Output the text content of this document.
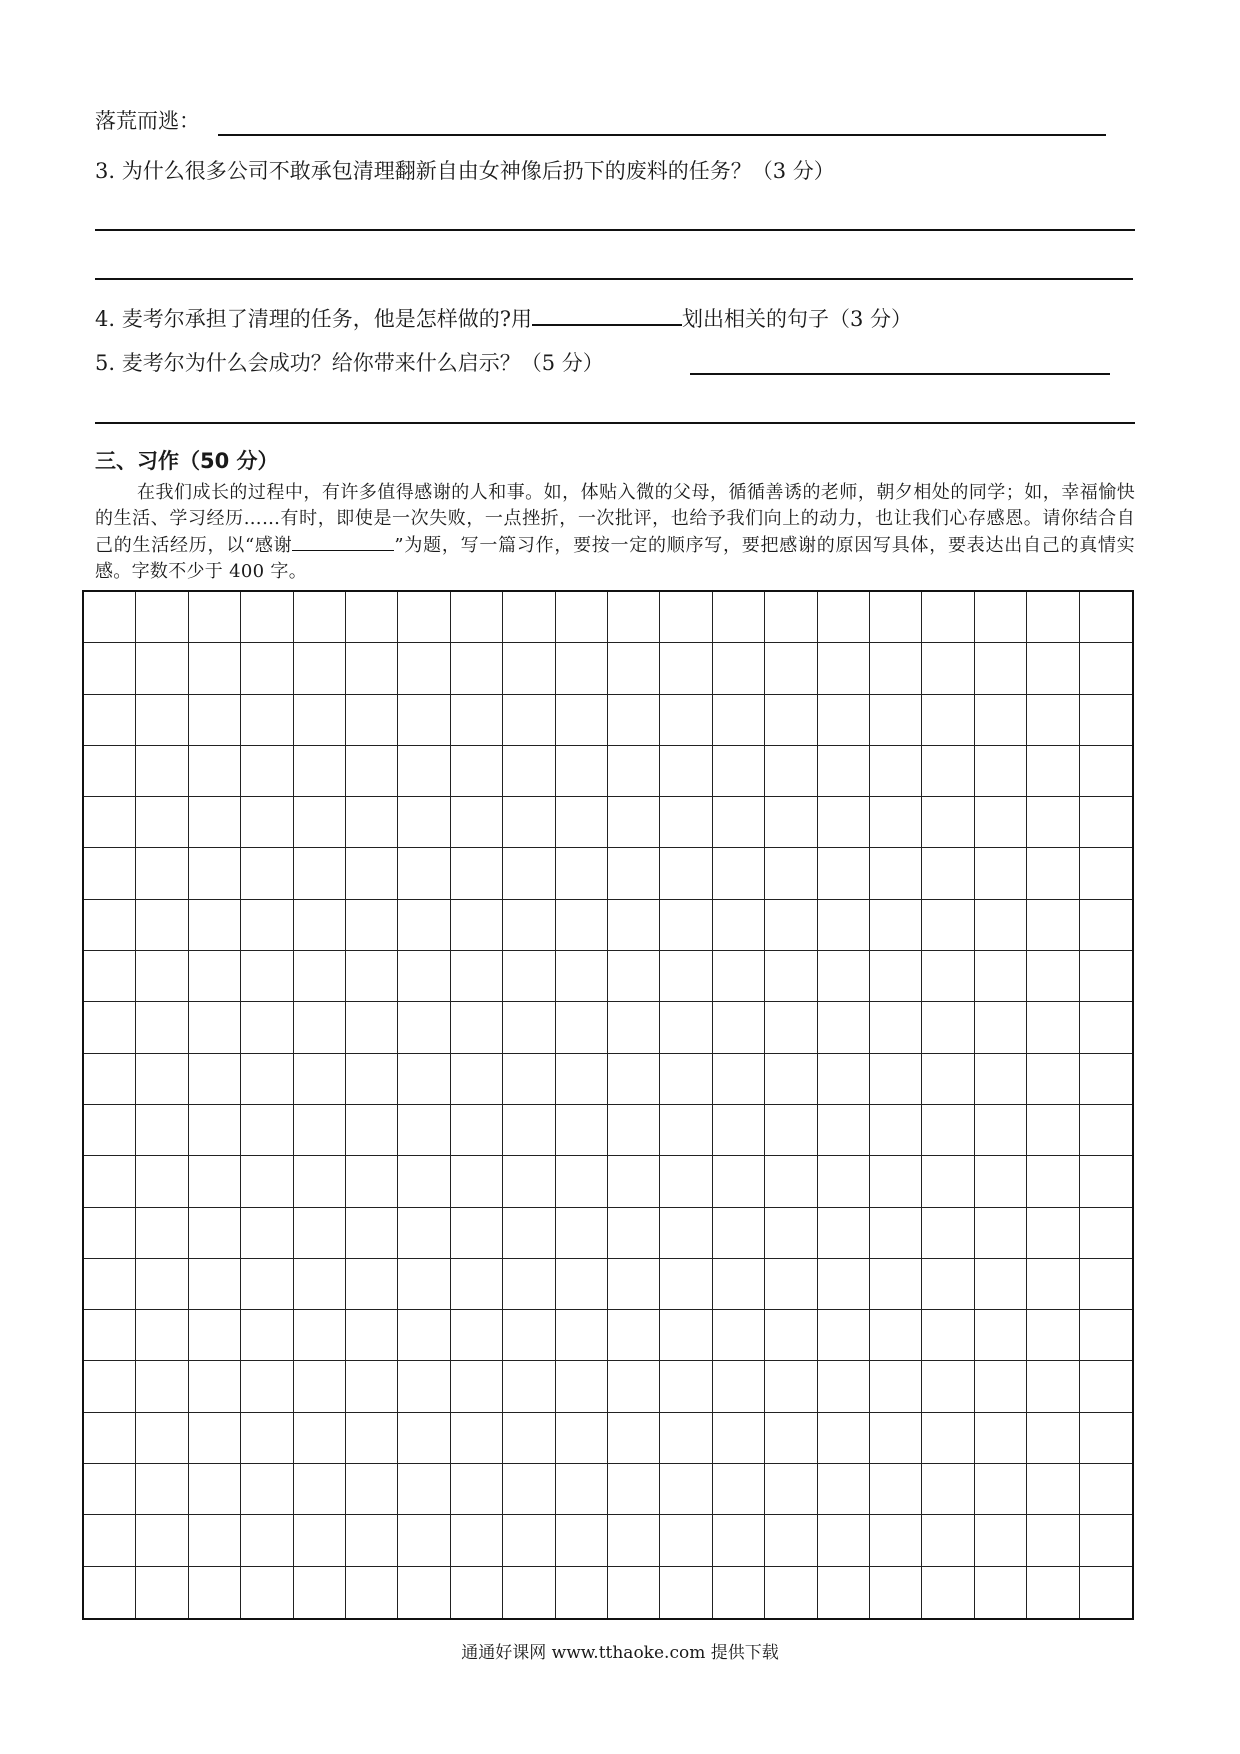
落荒而逃：
3. 为什么很多公司不敢承包清理翻新自由女神像后扔下的废料的任务？（3 分）
4. 麦考尔承担了清理的任务，他是怎样做的?用	划出相关的句子（3 分）
5. 麦考尔为什么会成功？给你带来什么启示？（5 分）
三、习作（50 分）
在我们成长的过程中，有许多值得感谢的人和事。如，体贴入微的父母，循循善诱的老师，朝夕相处的同学；如，幸福愉快的生活、学习经历……有时，即使是一次失败，一点挫折，一次批评，也给予我们向上的动力，也让我们心存感恩。请你结合自己的生活经历，以“感谢	”为题，写一篇习作，要按一定的顺序写，要把感谢的原因写具体，要表达出自己的真情实感。字数不少于 400 字。
通通好课网 www.tthaoke.com 提供下载
